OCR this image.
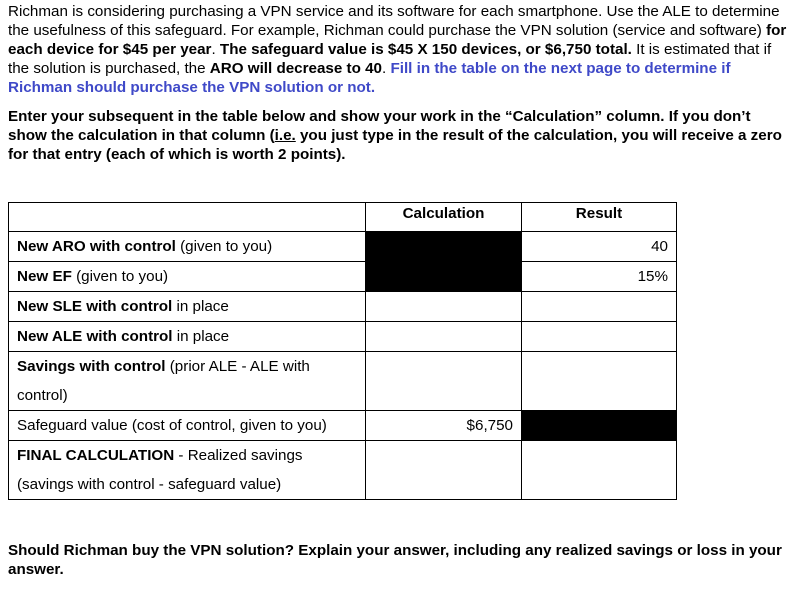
Richman is considering purchasing a VPN service and its software for each smartphone. Use the ALE to determine the usefulness of this safeguard. For example, Richman could purchase the VPN solution (service and software) for each device for $45 per year. The safeguard value is $45 X 150 devices, or $6,750 total. It is estimated that if the solution is purchased, the ARO will decrease to 40. Fill in the table on the next page to determine if Richman should purchase the VPN solution or not.

Enter your subsequent in the table below and show your work in the “Calculation” column. If you don’t show the calculation in that column (i.e. you just type in the result of the calculation, you will receive a zero for that entry (each of which is worth 2 points).

	Calculation	Result
New ARO with control (given to you)		40
New EF (given to you)		15%
New SLE with control in place		
New ALE with control in place		
Savings with control (prior ALE - ALE with control)		
Safeguard value (cost of control, given to you)	$6,750	
FINAL CALCULATION - Realized savings (savings with control - safeguard value)		

Should Richman buy the VPN solution? Explain your answer, including any realized savings or loss in your answer.
